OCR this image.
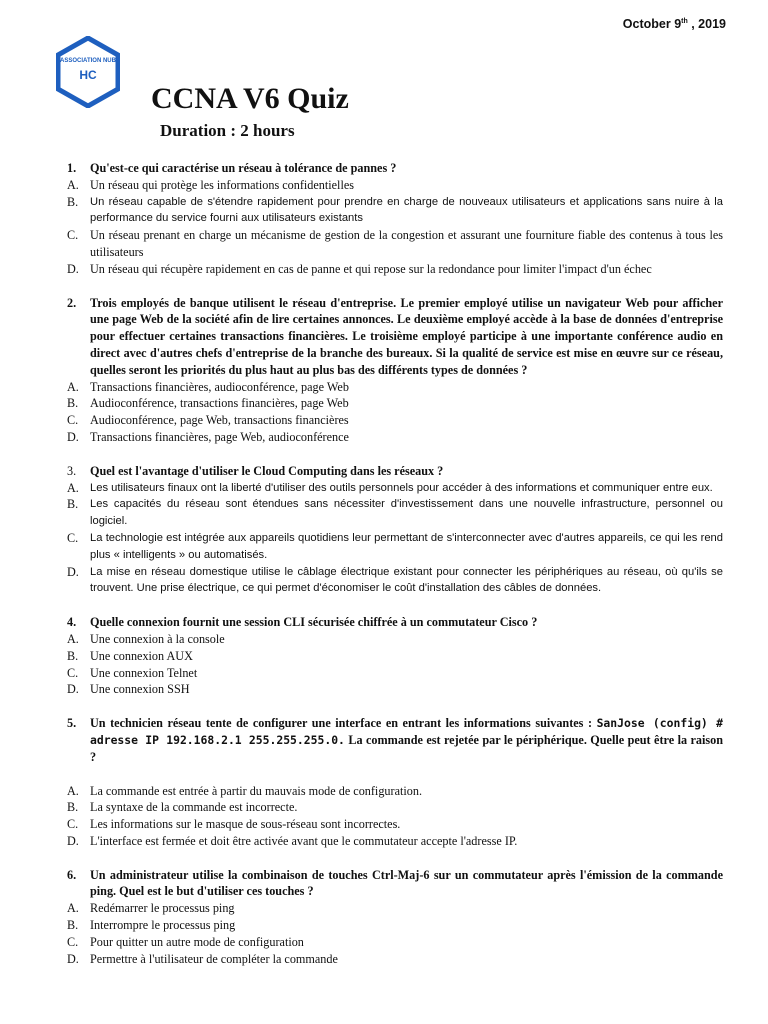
October 9th , 2019
ASSOCIATION NUB
HC
CCNA V6 Quiz
Duration : 2 hours
1. Qu'est-ce qui caractérise un réseau à tolérance de pannes ?
A. Un réseau qui protège les informations confidentielles
B. Un réseau capable de s'étendre rapidement pour prendre en charge de nouveaux utilisateurs et applications sans nuire à la performance du service fourni aux utilisateurs existants
C. Un réseau prenant en charge un mécanisme de gestion de la congestion et assurant une fourniture fiable des contenus à tous les utilisateurs
D. Un réseau qui récupère rapidement en cas de panne et qui repose sur la redondance pour limiter l'impact d'un échec
2. Trois employés de banque utilisent le réseau d'entreprise. Le premier employé utilise un navigateur Web pour afficher une page Web de la société afin de lire certaines annonces. Le deuxième employé accède à la base de données d'entreprise pour effectuer certaines transactions financières. Le troisième employé participe à une importante conférence audio en direct avec d'autres chefs d'entreprise de la branche des bureaux. Si la qualité de service est mise en œuvre sur ce réseau, quelles seront les priorités du plus haut au plus bas des différents types de données ?
A. Transactions financières, audioconférence, page Web
B. Audioconférence, transactions financières, page Web
C. Audioconférence, page Web, transactions financières
D. Transactions financières, page Web, audioconférence
3. Quel est l'avantage d'utiliser le Cloud Computing dans les réseaux ?
A. Les utilisateurs finaux ont la liberté d'utiliser des outils personnels pour accéder à des informations et communiquer entre eux.
B. Les capacités du réseau sont étendues sans nécessiter d'investissement dans une nouvelle infrastructure, personnel ou logiciel.
C. La technologie est intégrée aux appareils quotidiens leur permettant de s'interconnecter avec d'autres appareils, ce qui les rend plus « intelligents » ou automatisés.
D. La mise en réseau domestique utilise le câblage électrique existant pour connecter les périphériques au réseau, où qu'ils se trouvent. Une prise électrique, ce qui permet d'économiser le coût d'installation des câbles de données.
4. Quelle connexion fournit une session CLI sécurisée chiffrée à un commutateur Cisco ?
A. Une connexion à la console
B. Une connexion AUX
C. Une connexion Telnet
D. Une connexion SSH
5. Un technicien réseau tente de configurer une interface en entrant les informations suivantes : SanJose (config) # adresse IP 192.168.2.1 255.255.255.0. La commande est rejetée par le périphérique. Quelle peut être la raison ?
A. La commande est entrée à partir du mauvais mode de configuration.
B. La syntaxe de la commande est incorrecte.
C. Les informations sur le masque de sous-réseau sont incorrectes.
D. L'interface est fermée et doit être activée avant que le commutateur accepte l'adresse IP.
6. Un administrateur utilise la combinaison de touches Ctrl-Maj-6 sur un commutateur après l'émission de la commande ping. Quel est le but d'utiliser ces touches ?
A. Redémarrer le processus ping
B. Interrompre le processus ping
C. Pour quitter un autre mode de configuration
D. Permettre à l'utilisateur de compléter la commande
